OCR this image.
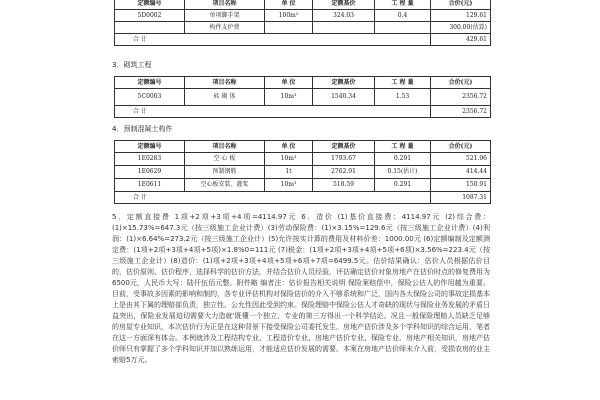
定额编号	项目名称	单 位	定额基价	工 程 量	合价(元)
5D0002	单项脚手架	100m²	324.03	0.4	129.61
	构件支护费				300.00(估算)
合 计					429.61
3．砌筑工程
定额编号	项目名称	单 位	定额基价	工 程 量	合价(元)
5C0003	砖 砌 体	10m³	1540.34	1.53	2356.72
合 计					2356.72
4．预制混凝土构件
定额编号	项目名称	单 位	定额基价	工 程 量	合价(元)
1E0283	空 心 板	10m³	1793.67	0.291	521.96
1E0629	预制钢筋	1t	2762.91	0.15(估计)	414.44
1E0611	空心板安装、灌浆	10m³	518.59	0.291	150.91
合 计					1087.31
5．定额直接费 1项+2项+3项+4项=4114.97元 6．造价 (1)基价直接费：4114.97元 (2)综合费：(1)×15.73%=647.3元（按三级施工企业计费）(3)劳动保险费：(1)×3.15%=129.6元（按三级施工企业计费）(4)利润：(1)×6.64%=273.2元（按三级施工企业计）(5)允许按实计算的费用及材料价差：1000.00元 (6)定额编制及定额测定费：(1项+2项+3项+4项+5项)×1.8%0=111元 (7)税金：(1项+2项+3项+4项+5项+6项)×3.56%=223.4元（按三级施工企业计）(8)造价：(1)项+2项+3项+4项+5项+6项+7项=6499.5元。估价结果确认：估价人员根据估价目的，估价原则、估价程序，选择科学的估价方法，并结合估价人员经验，评估确定估价对象房地产在估价时点的修复费用为6500元，人民币大写：陆仟伍佰元整。附件略 编者注：估价报告相关说明 保险案赔偿中，保险公估人的作用越为重要。目前，受事故多因素的影响和制约，各专业评估机构对保险估价的介入不够系统和广泛，国内各大保险公司的事故定损基本上是由其下属的理赔部负责，独立性、公允性因此受到约束。保险理赔中保险公估人才奇缺的现状与保险业务发展的矛盾日益突出，保险业发展迫切需要大力造就'既懂一个独立、专业的第三方得出一个科学结论。况且一般保险理赔人员缺乏足够的房屋专业知识，本次估价行为正是在这种背景下接受保险公司委托发生。房地产估价涉及多个学科知识的综合运用，笔者在这一方面深有体会。本例就涉及工程结构专业、工程造价专业、房地产估价专业、保险专业、房地产相关知识，房地产估价师只有掌握了多个学科知识并加以熟练运用，才能适应估价发展的需要。本案在房地产估价师未介入前，受损农房的业主索赔5万元。
